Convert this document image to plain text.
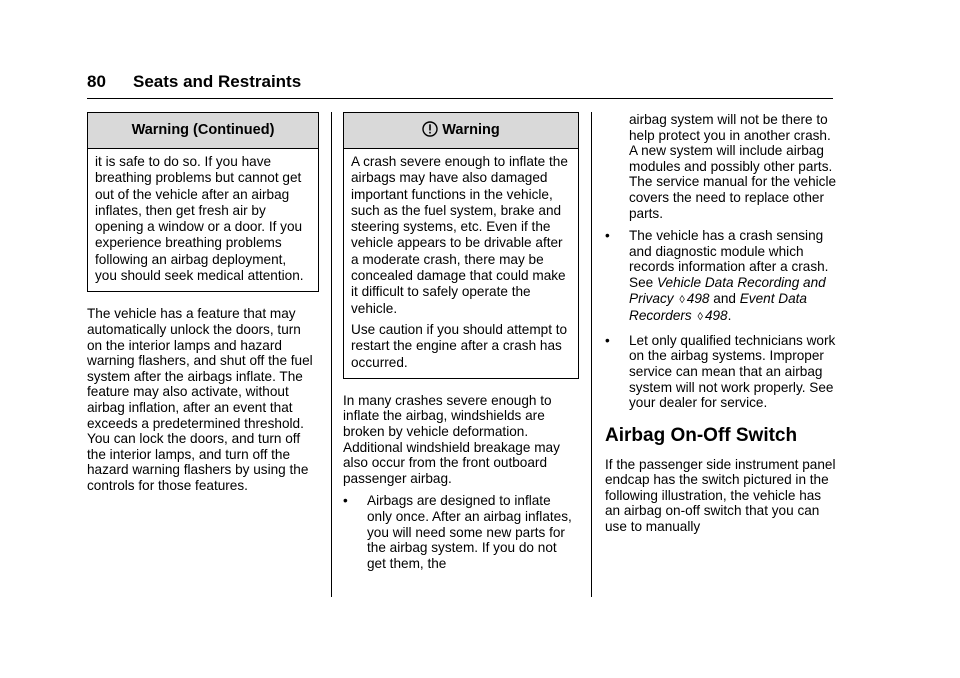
80 Seats and Restraints
Warning (Continued)

it is safe to do so. If you have breathing problems but cannot get out of the vehicle after an airbag inflates, then get fresh air by opening a window or a door. If you experience breathing problems following an airbag deployment, you should seek medical attention.

The vehicle has a feature that may automatically unlock the doors, turn on the interior lamps and hazard warning flashers, and shut off the fuel system after the airbags inflate. The feature may also activate, without airbag inflation, after an event that exceeds a predetermined threshold. You can lock the doors, and turn off the interior lamps, and turn off the hazard warning flashers by using the controls for those features.

Warning

A crash severe enough to inflate the airbags may have also damaged important functions in the vehicle, such as the fuel system, brake and steering systems, etc. Even if the vehicle appears to be drivable after a moderate crash, there may be concealed damage that could make it difficult to safely operate the vehicle.

Use caution if you should attempt to restart the engine after a crash has occurred.

In many crashes severe enough to inflate the airbag, windshields are broken by vehicle deformation. Additional windshield breakage may also occur from the front outboard passenger airbag.

• Airbags are designed to inflate only once. After an airbag inflates, you will need some new parts for the airbag system. If you do not get them, the

airbag system will not be there to help protect you in another crash. A new system will include airbag modules and possibly other parts. The service manual for the vehicle covers the need to replace other parts.

• The vehicle has a crash sensing and diagnostic module which records information after a crash. See Vehicle Data Recording and Privacy ◊ 498 and Event Data Recorders ◊ 498.
• Let only qualified technicians work on the airbag systems. Improper service can mean that an airbag system will not work properly. See your dealer for service.
Airbag On-Off Switch

If the passenger side instrument panel endcap has the switch pictured in the following illustration, the vehicle has an airbag on-off switch that you can use to manually
